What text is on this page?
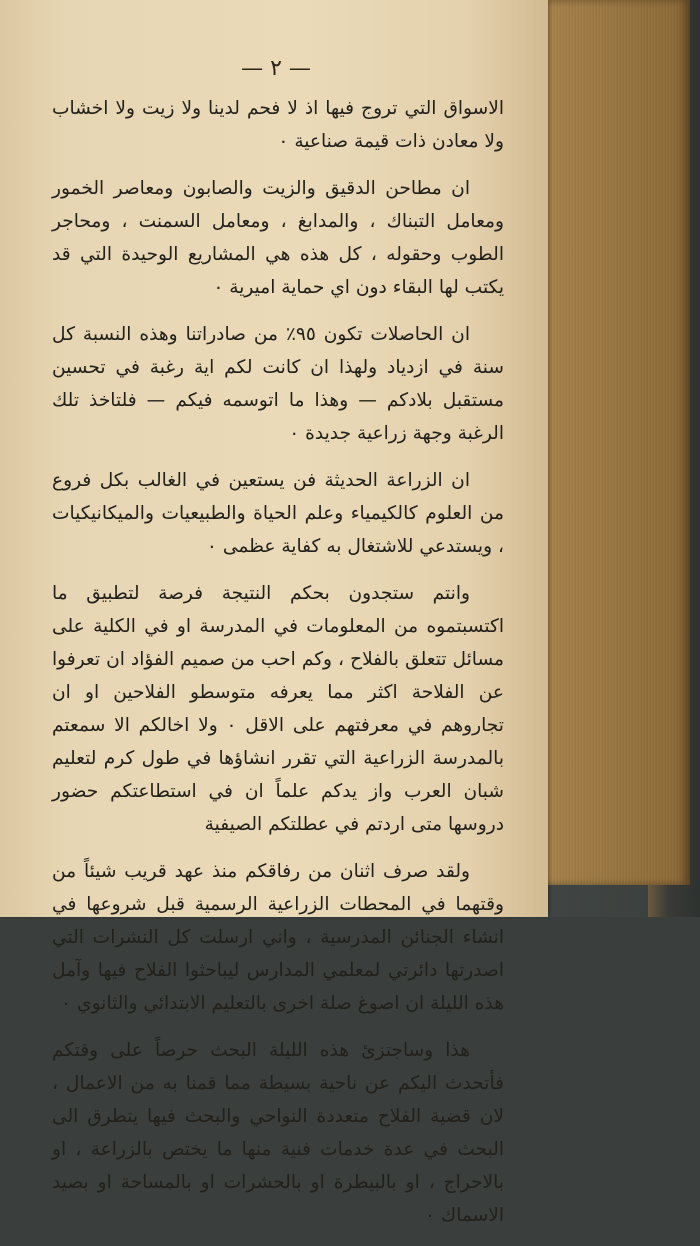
— ٢ —

الاسواق التي تروج فيها اذ لا فحم لدينا ولا زيت ولا اخشاب ولا معادن ذات قيمة صناعية ٠

ان مطاحن الدقيق والزيت والصابون ومعاصر الخمور ومعامل التبناك ، والمدابغ ، ومعامل السمنت ، ومحاجر الطوب وحقوله ، كل هذه هي المشاريع الوحيدة التي قد يكتب لها البقاء دون اي حماية اميرية ٠

ان الحاصلات تكون ٩٥٪ من صادراتنا وهذه النسبة كل سنة في ازدياد ولهذا ان كانت لكم اية رغبة في تحسين مستقبل بلادكم — وهذا ما اتوسمه فيكم — فلتاخذ تلك الرغبة وجهة زراعية جديدة ٠

ان الزراعة الحديثة فن يستعين في الغالب بكل فروع من العلوم كالكيمياء وعلم الحياة والطبيعيات والميكانيكيات ، ويستدعي للاشتغال به كفاية عظمى ٠

وانتم ستجدون بحكم النتيجة فرصة لتطبيق ما اكتسبتموه من المعلومات في المدرسة او في الكلية على مسائل تتعلق بالفلاح ، وكم احب من صميم الفؤاد ان تعرفوا عن الفلاحة اكثر مما يعرفه متوسطو الفلاحين او ان تجاروهم في معرفتهم على الاقل ٠ ولا اخالكم الا سمعتم بالمدرسة الزراعية التي تقرر انشاؤها في طول كرم لتعليم شبان العرب واز يدكم علماً ان في استطاعتكم حضور دروسها متى اردتم في عطلتكم الصيفية

ولقد صرف اثنان من رفاقكم منذ عهد قريب شيئاً من وقتهما في المحطات الزراعية الرسمية قبل شروعها في انشاء الجنائن المدرسية ، واني ارسلت كل النشرات التي اصدرتها دائرتي لمعلمي المدارس ليباحثوا الفلاح فيها وآمل هذه الليلة ان اصوغ صلة اخرى بالتعليم الابتدائي والثانوي ٠

هذا وساجتزئ هذه الليلة البحث حرصاً على وقتكم فأتحدث اليكم عن ناحية بسيطة مما قمنا به من الاعمال ، لان قضية الفلاح متعددة النواحي والبحث فيها يتطرق الى البحث في عدة خدمات فنية منها ما يختص بالزراعة ، او بالاحراج ، او بالبيطرة او بالحشرات او بالمساحة او بصيد الاسماك ٠
